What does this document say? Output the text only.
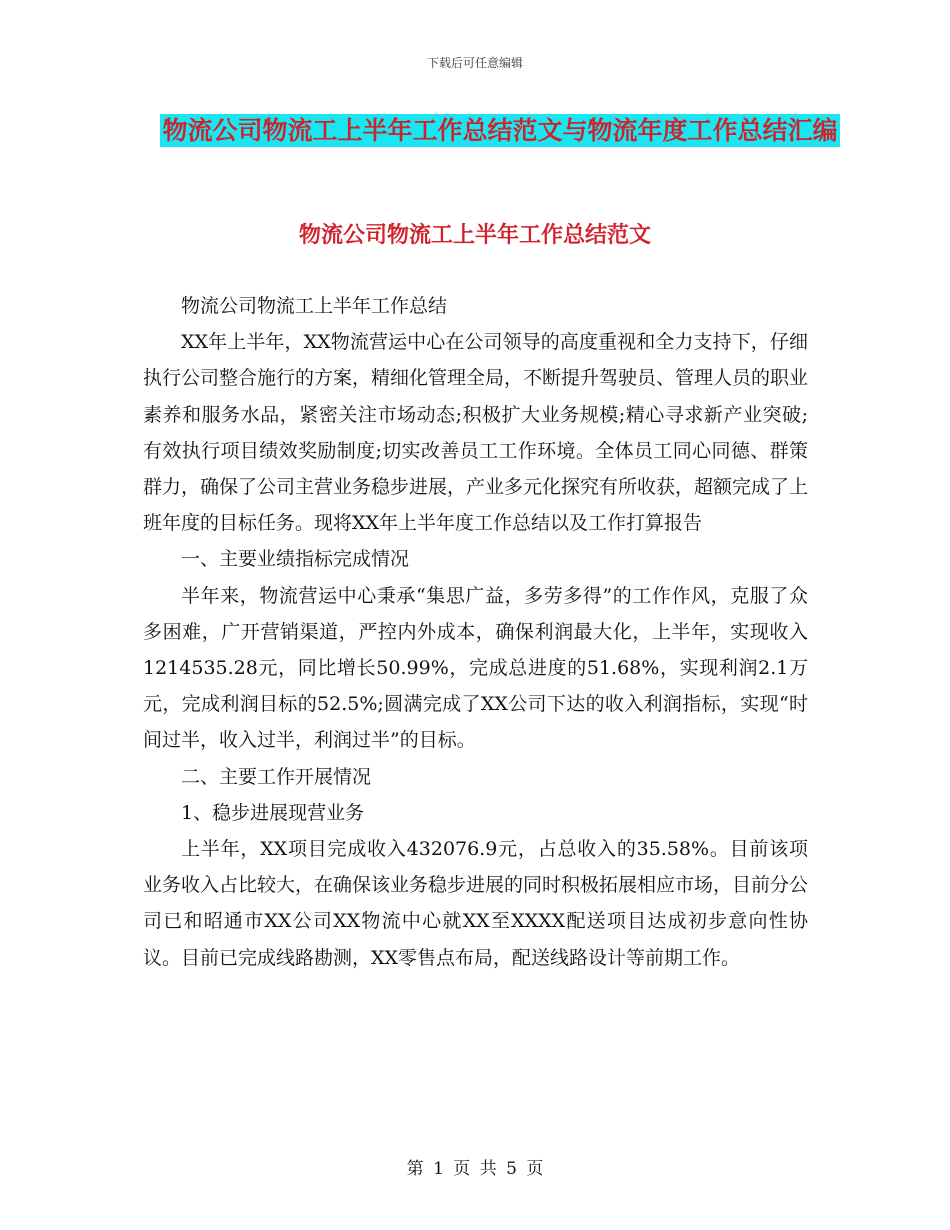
下载后可任意编辑
物流公司物流工上半年工作总结范文与物流年度工作总结汇编
物流公司物流工上半年工作总结范文

物流公司物流工上半年工作总结

XX年上半年，XX物流营运中心在公司领导的高度重视和全力支持下，仔细执行公司整合施行的方案，精细化管理全局，不断提升驾驶员、管理人员的职业素养和服务水品，紧密关注市场动态;积极扩大业务规模;精心寻求新产业突破;有效执行项目绩效奖励制度;切实改善员工工作环境。全体员工同心同德、群策群力，确保了公司主营业务稳步进展，产业多元化探究有所收获，超额完成了上班年度的目标任务。现将XX年上半年度工作总结以及工作打算报告

一、主要业绩指标完成情况

半年来，物流营运中心秉承“集思广益，多劳多得”的工作作风，克服了众多困难，广开营销渠道，严控内外成本，确保利润最大化，上半年，实现收入1214535.28元，同比增长50.99%，完成总进度的51.68%，实现利润2.1万元，完成利润目标的52.5%;圆满完成了XX公司下达的收入利润指标，实现“时间过半，收入过半，利润过半”的目标。

二、主要工作开展情况

1、稳步进展现营业务

上半年，XX项目完成收入432076.9元，占总收入的35.58%。目前该项业务收入占比较大，在确保该业务稳步进展的同时积极拓展相应市场，目前分公司已和昭通市XX公司XX物流中心就XX至XXXX配送项目达成初步意向性协议。目前已完成线路勘测，XX零售点布局，配送线路设计等前期工作。

第 1 页 共 5 页
